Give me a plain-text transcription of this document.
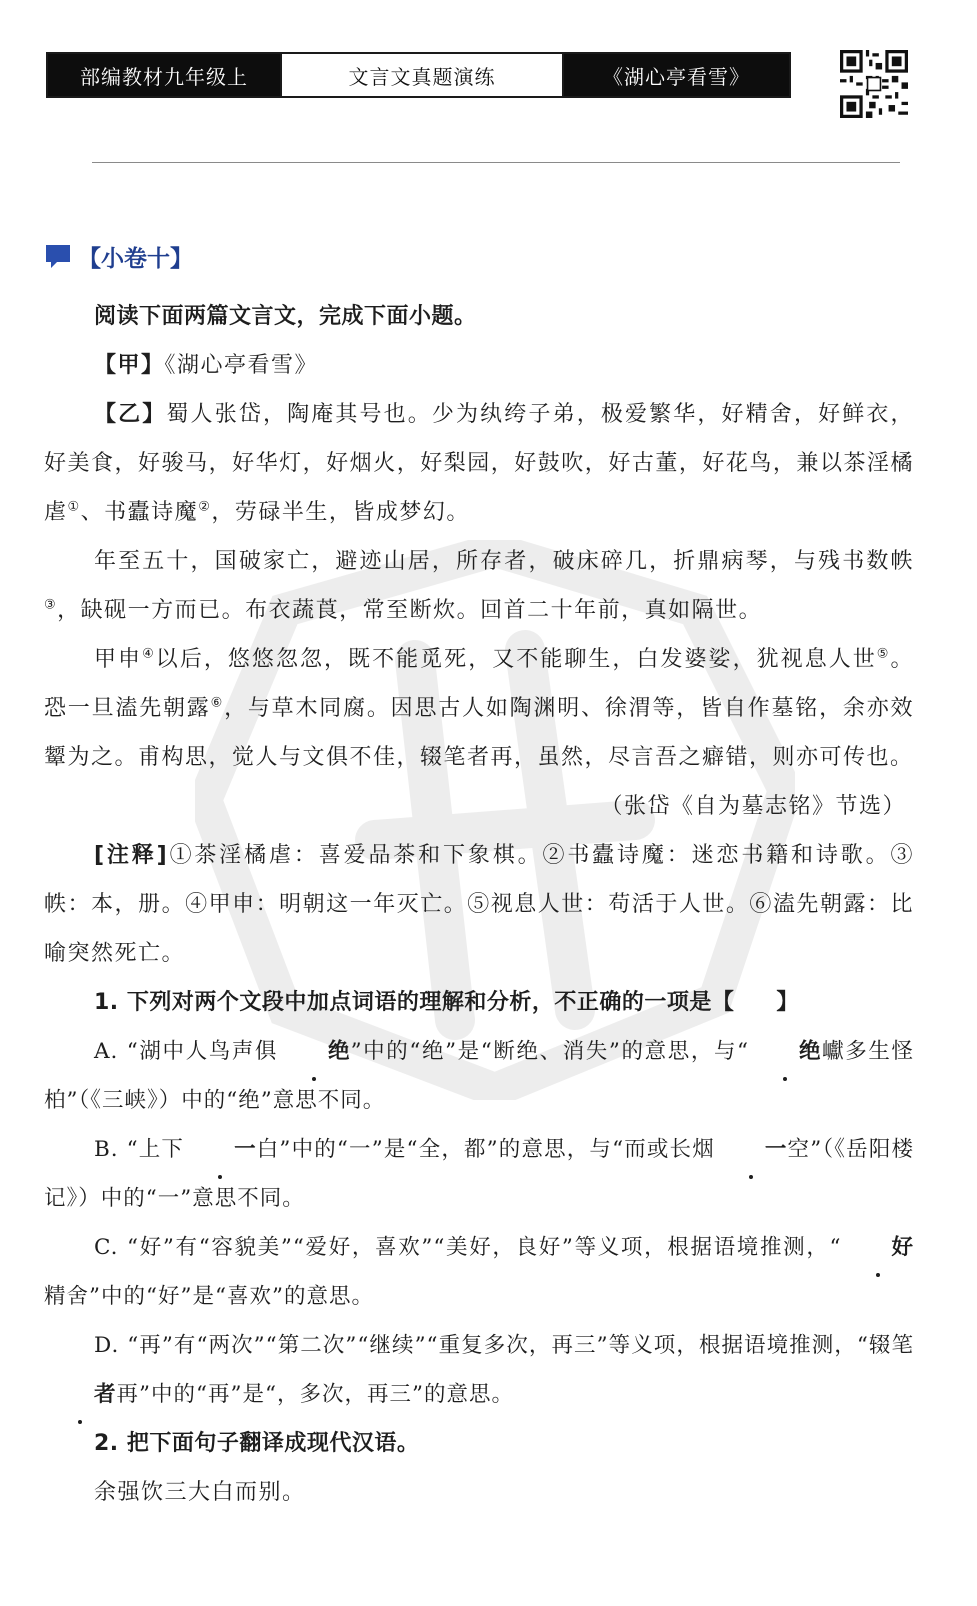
部编教材九年级上	文言文真题演练	《湖心亭看雪》
【小卷十】

阅读下面两篇文言文，完成下面小题。

【甲】《湖心亭看雪》

【乙】蜀人张岱，陶庵其号也。少为纨绔子弟，极爱繁华，好精舍，好鲜衣，好美食，好骏马，好华灯，好烟火，好梨园，好鼓吹，好古董，好花鸟，兼以茶淫橘虐①、书蠹诗魔②，劳碌半生，皆成梦幻。

年至五十，国破家亡，避迹山居，所存者，破床碎几，折鼎病琴，与残书数帙③，缺砚一方而已。布衣蔬莨，常至断炊。回首二十年前，真如隔世。

甲申④以后，悠悠忽忽，既不能觅死，又不能聊生，白发婆娑，犹视息人世⑤。恐一旦溘先朝露⑥，与草木同腐。因思古人如陶渊明、徐渭等，皆自作墓铭，余亦效颦为之。甫构思，觉人与文俱不佳，辍笔者再，虽然，尽言吾之癖错，则亦可传也。

（张岱《自为墓志铭》节选）

[注释]①茶淫橘虐：喜爱品茶和下象棋。②书蠹诗魔：迷恋书籍和诗歌。③帙：本，册。④甲申：明朝这一年灭亡。⑤视息人世：苟活于人世。⑥溘先朝露：比喻突然死亡。

1. 下列对两个文段中加点词语的理解和分析，不正确的一项是【 】

A. “湖中人鸟声俱 绝”中的“绝”是“断绝、消失”的意思，与“ 绝巘多生怪柏”（《三峡》）中的“绝”意思不同。

B. “上下 一白”中的“一”是“全，都”的意思，与“而或长烟 一空”（《岳阳楼记》）中的“一”意思不同。

C. “好”有“容貌美”“爱好，喜欢”“美好，良好”等义项，根据语境推测，“ 好精舍”中的“好”是“喜欢”的意思。

D. “再”有“两次”“第二次”“继续”“重复多次，再三”等义项，根据语境推测，“辍笔者再”中的“再”是“，多次，再三”的意思。

2. 把下面句子翻译成现代汉语。

余强饮三大白而别。
